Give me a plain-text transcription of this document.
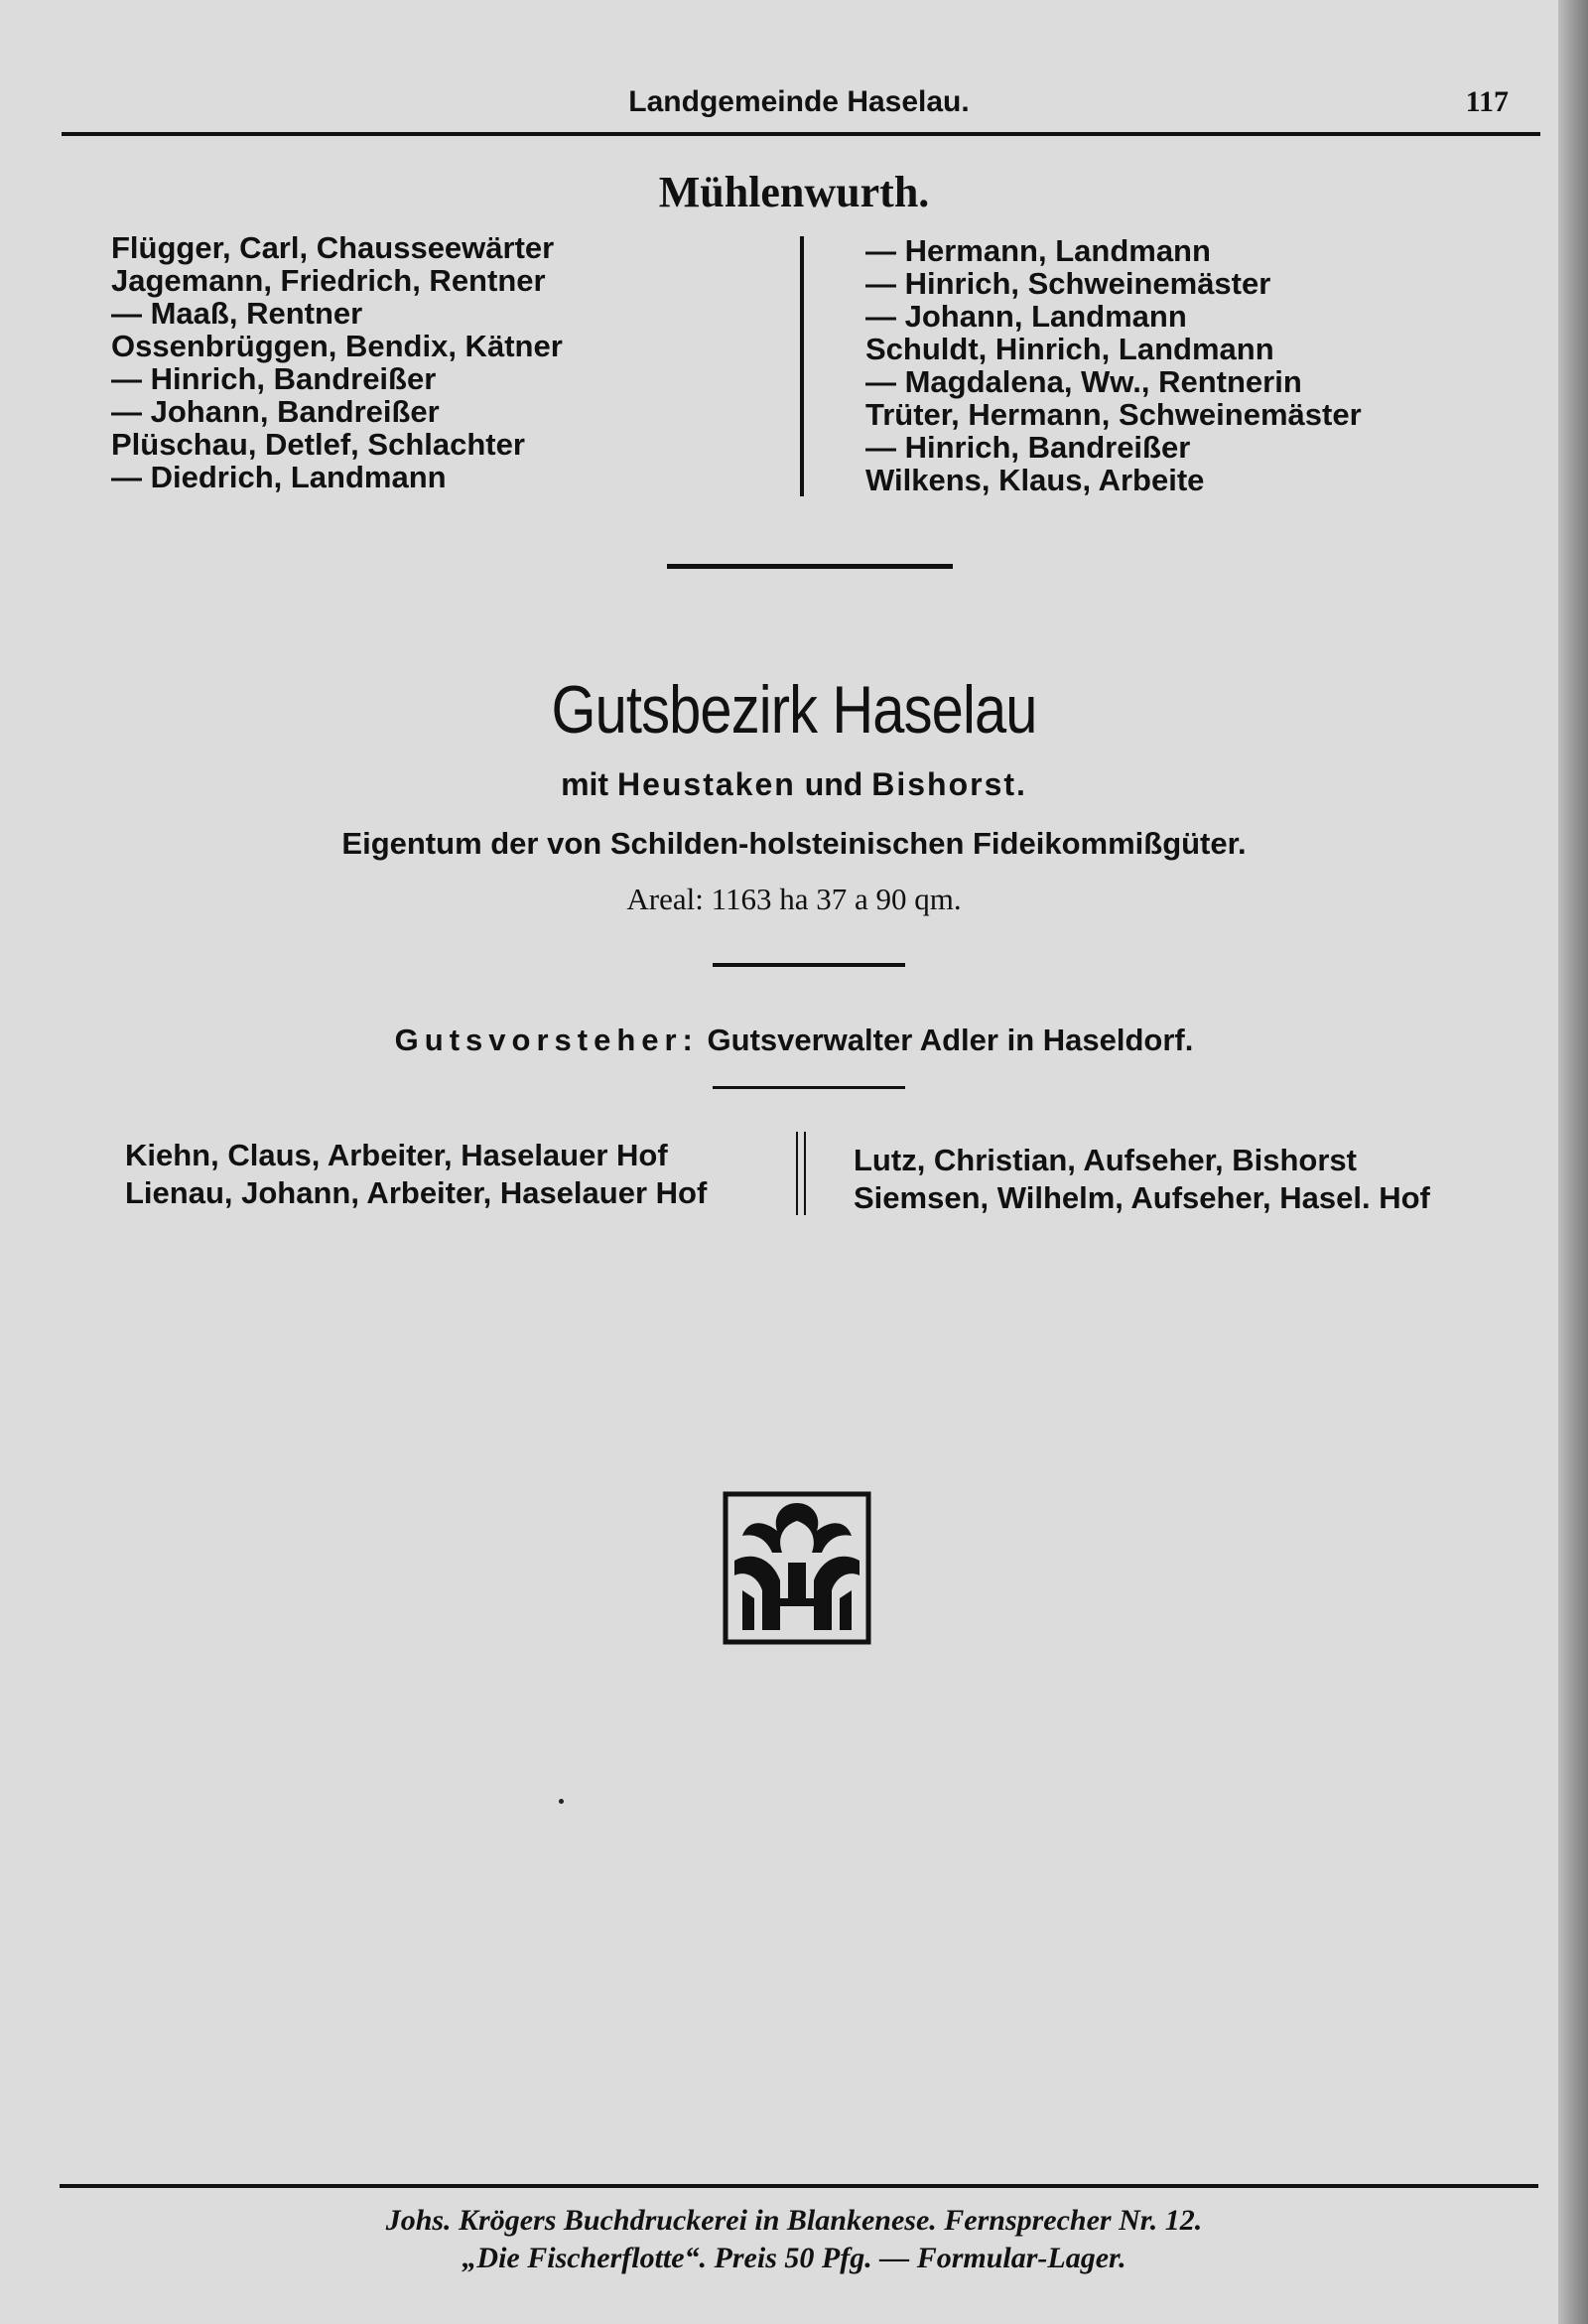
Landgemeinde Haselau.	117
Mühlenwurth.
Flügger, Carl, Chausseewärter
Jagemann, Friedrich, Rentner
— Maaß, Rentner
Ossenbrüggen, Bendix, Kätner
— Hinrich, Bandreißer
— Johann, Bandreißer
Plüschau, Detlef, Schlachter
— Diedrich, Landmann
— Hermann, Landmann
— Hinrich, Schweinemäster
— Johann, Landmann
Schuldt, Hinrich, Landmann
— Magdalena, Ww., Rentnerin
Trüter, Hermann, Schweinemäster
— Hinrich, Bandreißer
Wilkens, Klaus, Arbeite
Gutsbezirk Haselau
mit Heustaken und Bishorst.
Eigentum der von Schilden-holsteinischen Fideikommißgüter.
Areal: 1163 ha 37 a 90 qm.
Gutsvorsteher: Gutsverwalter Adler in Haseldorf.
Kiehn, Claus, Arbeiter, Haselauer Hof
Lienau, Johann, Arbeiter, Haselauer Hof
Lutz, Christian, Aufseher, Bishorst
Siemsen, Wilhelm, Aufseher, Hasel. Hof
Johs. Krögers Buchdruckerei in Blankenese. Fernsprecher Nr. 12.
„Die Fischerflotte“. Preis 50 Pfg. — Formular-Lager.
